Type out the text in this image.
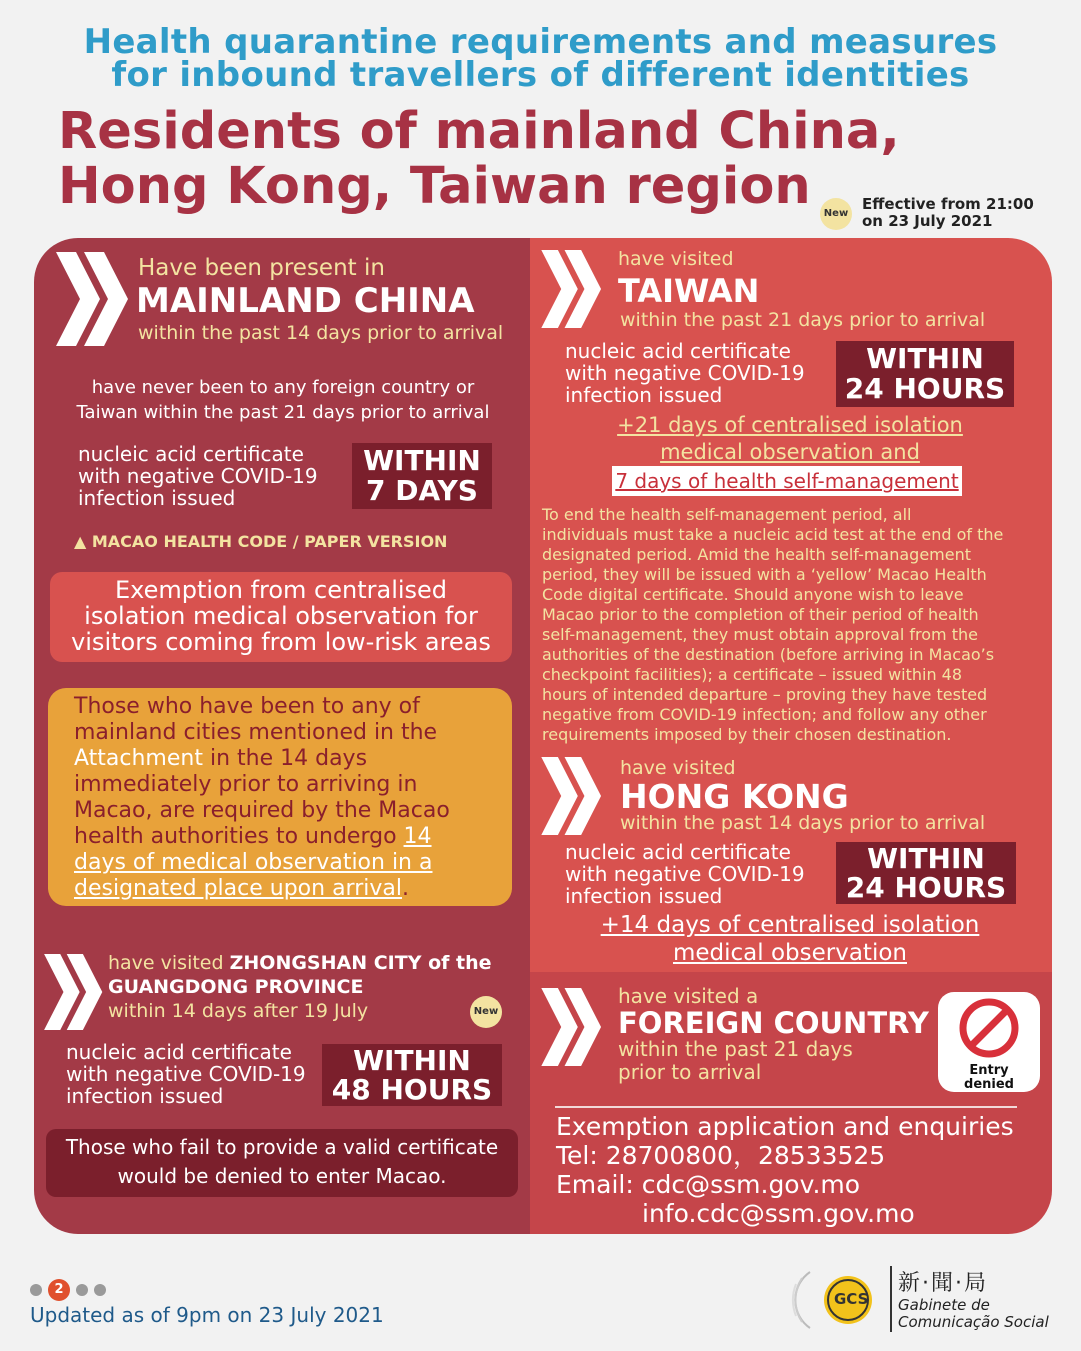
Health quarantine requirements and measures
for inbound travellers of different identities
Residents of mainland China,
Hong Kong, Taiwan region	New
Effective from 21:00
on 23 July 2021
Have been present in
MAINLAND CHINA
within the past 14 days prior to arrival
have never been to any foreign country or
Taiwan within the past 21 days prior to arrival
nucleic acid certificate
with negative COVID-19
infection issued
WITHIN
7 DAYS
▲ MACAO HEALTH CODE / PAPER VERSION
Exemption from centralised
isolation medical observation for
visitors coming from low-risk areas
Those who have been to any of
mainland cities mentioned in the
Attachment in the 14 days
immediately prior to arriving in
Macao, are required by the Macao
health authorities to undergo 14
days of medical observation in a
designated place upon arrival.
have visited ZHONGSHAN CITY of the
GUANGDONG PROVINCE
within 14 days after 19 July	New
nucleic acid certificate
with negative COVID-19
infection issued
WITHIN
48 HOURS
Those who fail to provide a valid certificate
would be denied to enter Macao.
have visited
TAIWAN
within the past 21 days prior to arrival
nucleic acid certificate
with negative COVID-19
infection issued
WITHIN
24 HOURS
+21 days of centralised isolation
medical observation and
7 days of health self-management
To end the health self-management period, all
individuals must take a nucleic acid test at the end of the
designated period. Amid the health self-management
period, they will be issued with a ‘yellow’ Macao Health
Code digital certificate. Should anyone wish to leave
Macao prior to the completion of their period of health
self-management, they must obtain approval from the
authorities of the destination (before arriving in Macao’s
checkpoint facilities); a certificate – issued within 48
hours of intended departure – proving they have tested
negative from COVID-19 infection; and follow any other
requirements imposed by their chosen destination.
have visited
HONG KONG
within the past 14 days prior to arrival
nucleic acid certificate
with negative COVID-19
infection issued
WITHIN
24 HOURS
+14 days of centralised isolation
medical observation
have visited a
FOREIGN COUNTRY
within the past 21 days
prior to arrival	Entry
denied
Exemption application and enquiries
Tel: 28700800，28533525
Email: cdc@ssm.gov.mo
info.cdc@ssm.gov.mo
2
Updated as of 9pm on 23 July 2021
GCS
新·聞·局
Gabinete de
Comunicação Social
